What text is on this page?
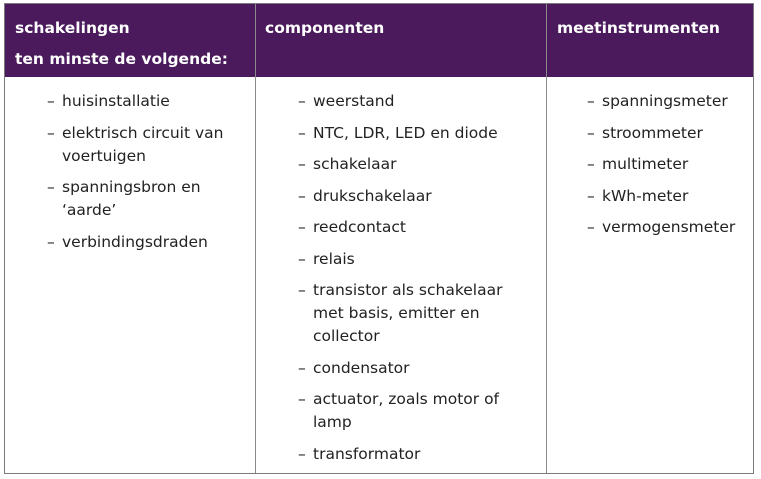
schakelingen
ten minste de volgende:
– huisinstallatie
– elektrisch circuit van voertuigen
– spanningsbron en ‘aarde’
– verbindingsdraden
componenten
– weerstand
– NTC, LDR, LED en diode
– schakelaar
– drukschakelaar
– reedcontact
– relais
– transistor als schakelaar met basis, emitter en collector
– condensator
– actuator, zoals motor of lamp
– transformator
meetinstrumenten
– spanningsmeter
– stroommeter
– multimeter
– kWh-meter
– vermogensmeter
